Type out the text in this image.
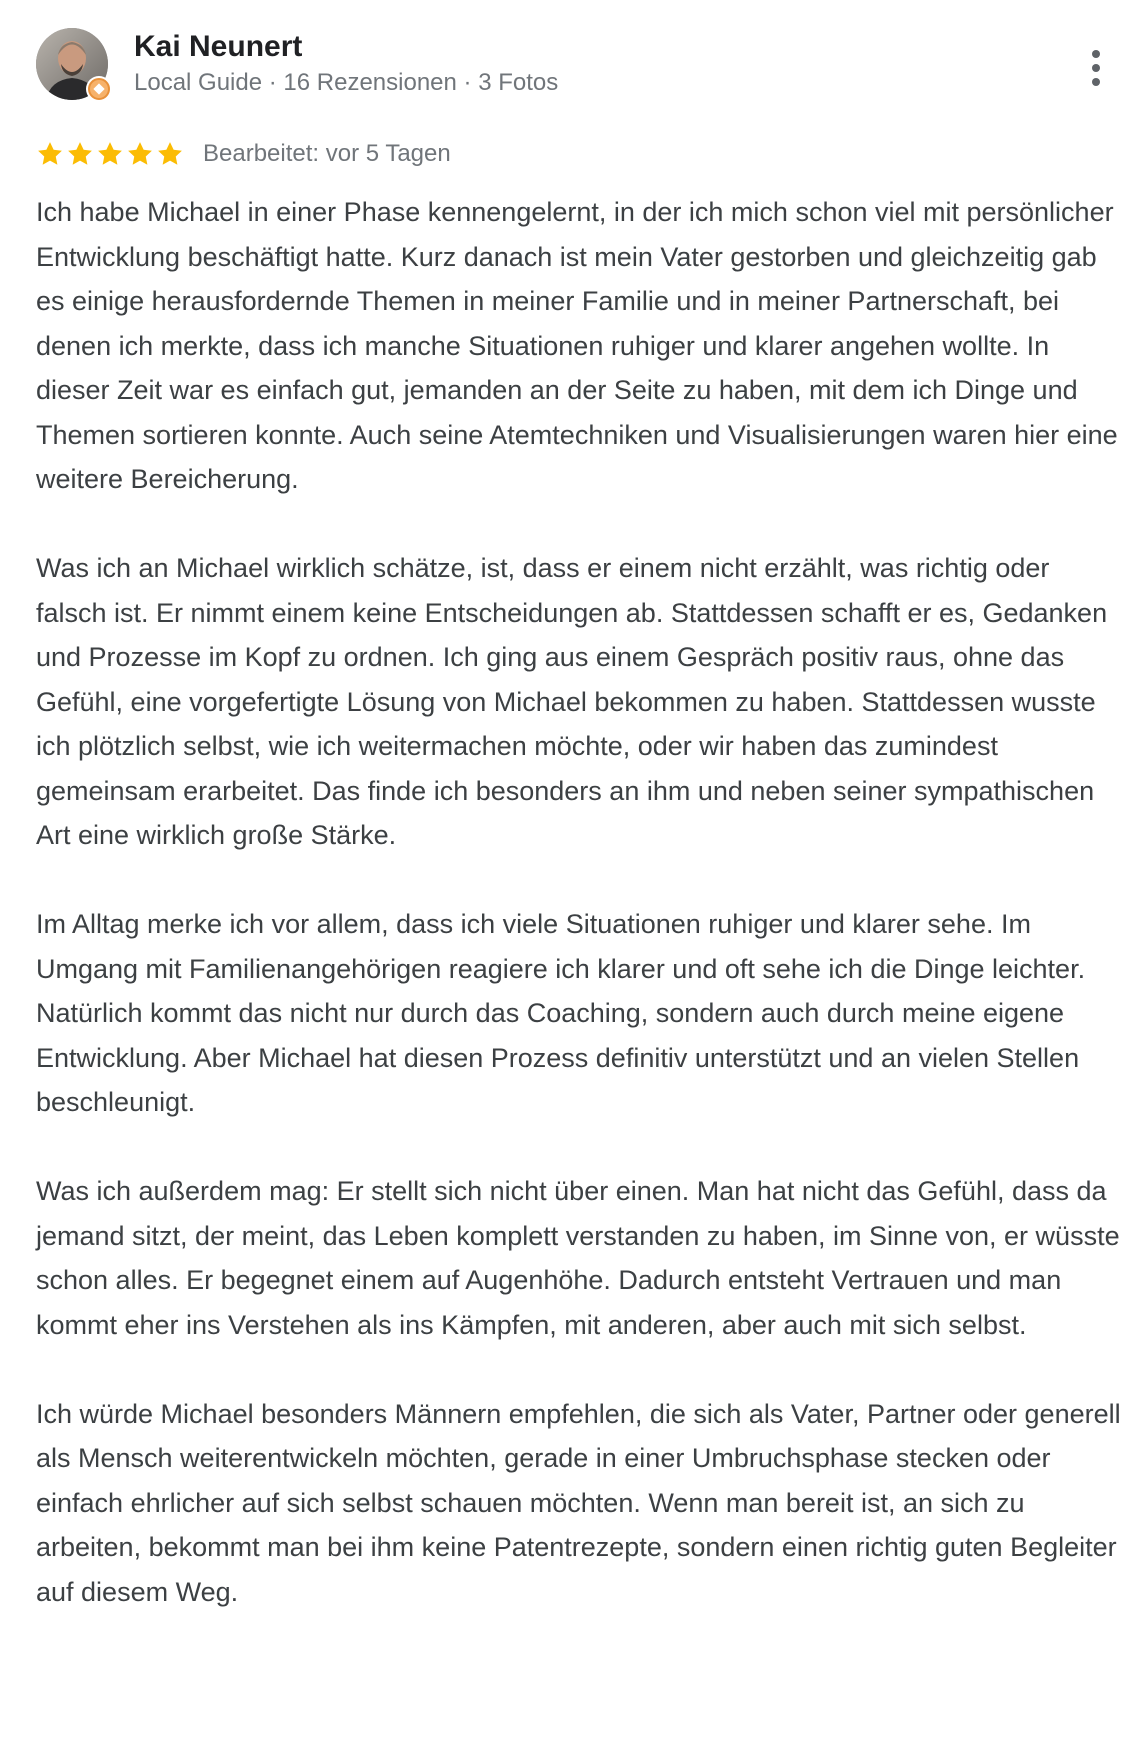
Kai Neunert
Local Guide · 16 Rezensionen · 3 Fotos
Bearbeitet: vor 5 Tagen

Ich habe Michael in einer Phase kennengelernt, in der ich mich schon viel mit persönlicher Entwicklung beschäftigt hatte. Kurz danach ist mein Vater gestorben und gleichzeitig gab es einige herausfordernde Themen in meiner Familie und in meiner Partnerschaft, bei denen ich merkte, dass ich manche Situationen ruhiger und klarer angehen wollte. In dieser Zeit war es einfach gut, jemanden an der Seite zu haben, mit dem ich Dinge und Themen sortieren konnte. Auch seine Atemtechniken und Visualisierungen waren hier eine weitere Bereicherung.

Was ich an Michael wirklich schätze, ist, dass er einem nicht erzählt, was richtig oder falsch ist. Er nimmt einem keine Entscheidungen ab. Stattdessen schafft er es, Gedanken und Prozesse im Kopf zu ordnen. Ich ging aus einem Gespräch positiv raus, ohne das Gefühl, eine vorgefertigte Lösung von Michael bekommen zu haben. Stattdessen wusste ich plötzlich selbst, wie ich weitermachen möchte, oder wir haben das zumindest gemeinsam erarbeitet. Das finde ich besonders an ihm und neben seiner sympathischen Art eine wirklich große Stärke.

Im Alltag merke ich vor allem, dass ich viele Situationen ruhiger und klarer sehe. Im Umgang mit Familienangehörigen reagiere ich klarer und oft sehe ich die Dinge leichter. Natürlich kommt das nicht nur durch das Coaching, sondern auch durch meine eigene Entwicklung. Aber Michael hat diesen Prozess definitiv unterstützt und an vielen Stellen beschleunigt.

Was ich außerdem mag: Er stellt sich nicht über einen. Man hat nicht das Gefühl, dass da jemand sitzt, der meint, das Leben komplett verstanden zu haben, im Sinne von, er wüsste schon alles. Er begegnet einem auf Augenhöhe. Dadurch entsteht Vertrauen und man kommt eher ins Verstehen als ins Kämpfen, mit anderen, aber auch mit sich selbst.

Ich würde Michael besonders Männern empfehlen, die sich als Vater, Partner oder generell als Mensch weiterentwickeln möchten, gerade in einer Umbruchsphase stecken oder einfach ehrlicher auf sich selbst schauen möchten. Wenn man bereit ist, an sich zu arbeiten, bekommt man bei ihm keine Patentrezepte, sondern einen richtig guten Begleiter auf diesem Weg.
